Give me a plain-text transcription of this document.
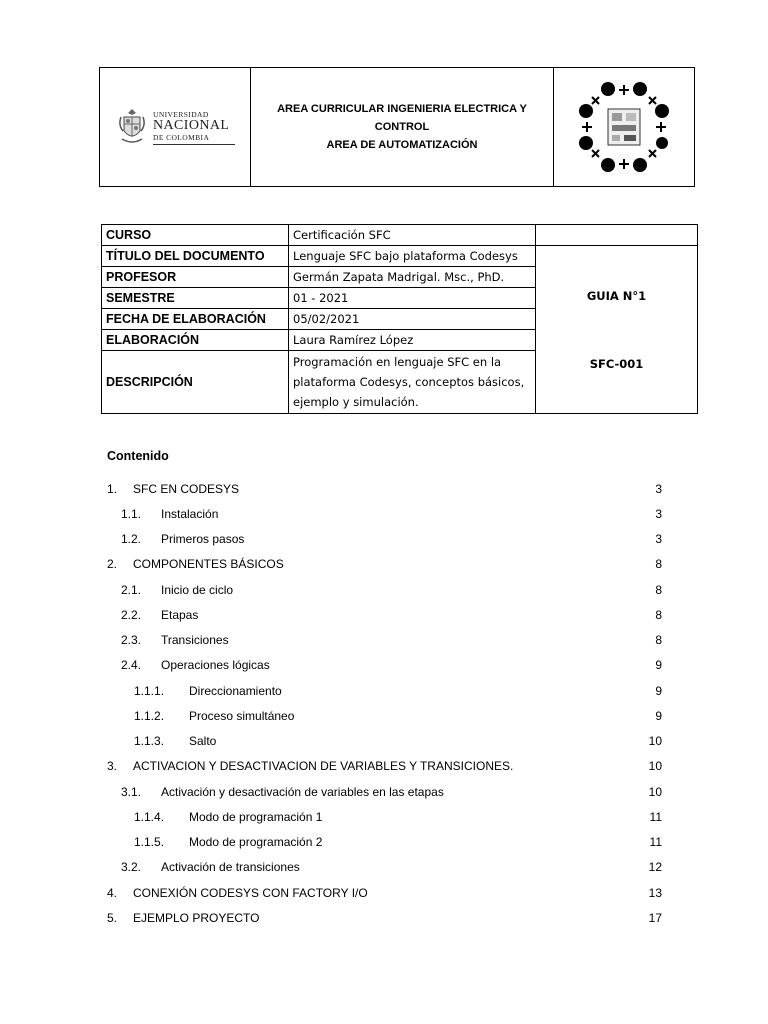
UNIVERSIDAD
NACIONAL
DE COLOMBIA
AREA CURRICULAR INGENIERIA ELECTRICA Y CONTROL
AREA DE AUTOMATIZACIÓN
CURSO	Certificación SFC	
TÍTULO DEL DOCUMENTO	Lenguaje SFC bajo plataforma Codesys	GUIA N°1
SFC-001

PROFESOR	Germán Zapata Madrigal. Msc., PhD.	
SEMESTRE	01 - 2021	
FECHA DE ELABORACIÓN	05/02/2021	
ELABORACIÓN	Laura Ramírez López	
DESCRIPCIÓN	Programación en lenguaje SFC en la plataforma Codesys, conceptos básicos, ejemplo y simulación.	
Contenido
1.	SFC EN CODESYS	3
1.1.	Instalación	3
1.2.	Primeros pasos	3
2.	COMPONENTES BÁSICOS	8
2.1.	Inicio de ciclo	8
2.2.	Etapas	8
2.3.	Transiciones	8
2.4.	Operaciones lógicas	9
1.1.1.	Direccionamiento	9
1.1.2.	Proceso simultáneo	9
1.1.3.	Salto	10
3.	ACTIVACION Y DESACTIVACION DE VARIABLES Y TRANSICIONES.	10
3.1.	Activación y desactivación de variables en las etapas	10
1.1.4.	Modo de programación 1	11
1.1.5.	Modo de programación 2	11
3.2.	Activación de transiciones	12
4.	CONEXIÓN CODESYS CON FACTORY I/O	13
5.	EJEMPLO PROYECTO	17
